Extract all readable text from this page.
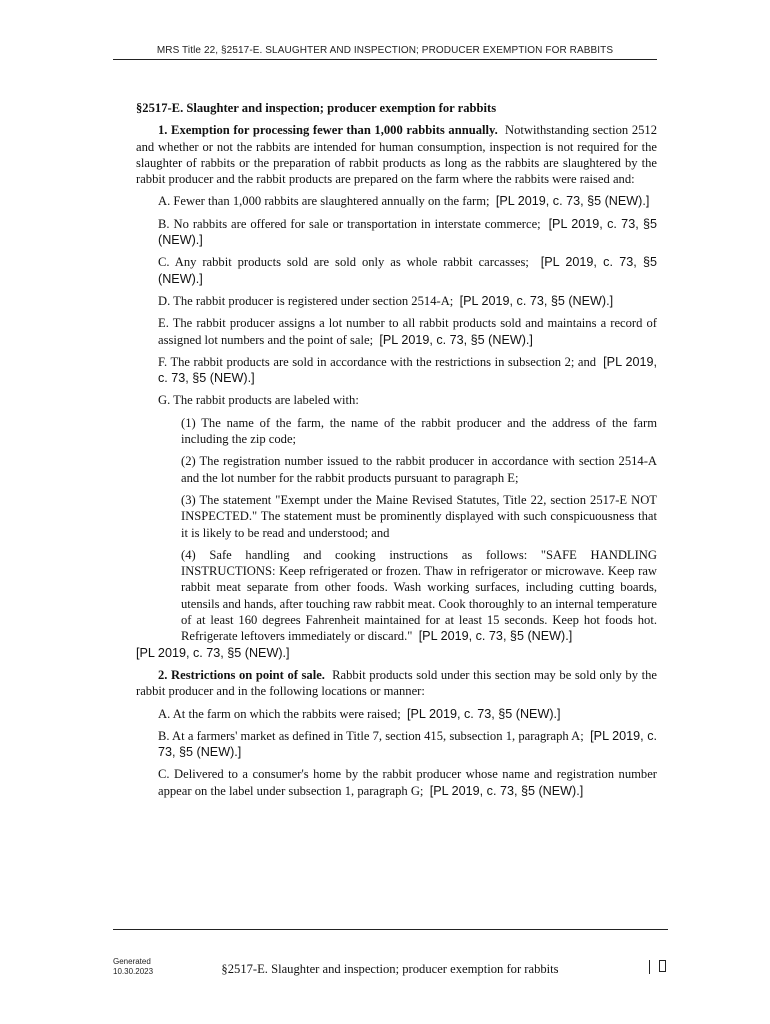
MRS Title 22, §2517-E. SLAUGHTER AND INSPECTION; PRODUCER EXEMPTION FOR RABBITS

§2517-E. Slaughter and inspection; producer exemption for rabbits

1. Exemption for processing fewer than 1,000 rabbits annually. Notwithstanding section 2512 and whether or not the rabbits are intended for human consumption, inspection is not required for the slaughter of rabbits or the preparation of rabbit products as long as the rabbits are slaughtered by the rabbit producer and the rabbit products are prepared on the farm where the rabbits were raised and:

A. Fewer than 1,000 rabbits are slaughtered annually on the farm; [PL 2019, c. 73, §5 (NEW).]

B. No rabbits are offered for sale or transportation in interstate commerce; [PL 2019, c. 73, §5 (NEW).]

C. Any rabbit products sold are sold only as whole rabbit carcasses; [PL 2019, c. 73, §5 (NEW).]

D. The rabbit producer is registered under section 2514-A; [PL 2019, c. 73, §5 (NEW).]

E. The rabbit producer assigns a lot number to all rabbit products sold and maintains a record of assigned lot numbers and the point of sale; [PL 2019, c. 73, §5 (NEW).]

F. The rabbit products are sold in accordance with the restrictions in subsection 2; and [PL 2019, c. 73, §5 (NEW).]

G. The rabbit products are labeled with:

(1) The name of the farm, the name of the rabbit producer and the address of the farm including the zip code;

(2) The registration number issued to the rabbit producer in accordance with section 2514-A and the lot number for the rabbit products pursuant to paragraph E;

(3) The statement "Exempt under the Maine Revised Statutes, Title 22, section 2517-E NOT INSPECTED." The statement must be prominently displayed with such conspicuousness that it is likely to be read and understood; and

(4) Safe handling and cooking instructions as follows: "SAFE HANDLING INSTRUCTIONS: Keep refrigerated or frozen. Thaw in refrigerator or microwave. Keep raw rabbit meat separate from other foods. Wash working surfaces, including cutting boards, utensils and hands, after touching raw rabbit meat. Cook thoroughly to an internal temperature of at least 160 degrees Fahrenheit maintained for at least 15 seconds. Keep hot foods hot. Refrigerate leftovers immediately or discard." [PL 2019, c. 73, §5 (NEW).]

[PL 2019, c. 73, §5 (NEW).]

2. Restrictions on point of sale. Rabbit products sold under this section may be sold only by the rabbit producer and in the following locations or manner:

A. At the farm on which the rabbits were raised; [PL 2019, c. 73, §5 (NEW).]

B. At a farmers' market as defined in Title 7, section 415, subsection 1, paragraph A; [PL 2019, c. 73, §5 (NEW).]

C. Delivered to a consumer's home by the rabbit producer whose name and registration number appear on the label under subsection 1, paragraph G; [PL 2019, c. 73, §5 (NEW).]

Generated
10.30.2023	§2517-E. Slaughter and inspection; producer exemption for rabbits
